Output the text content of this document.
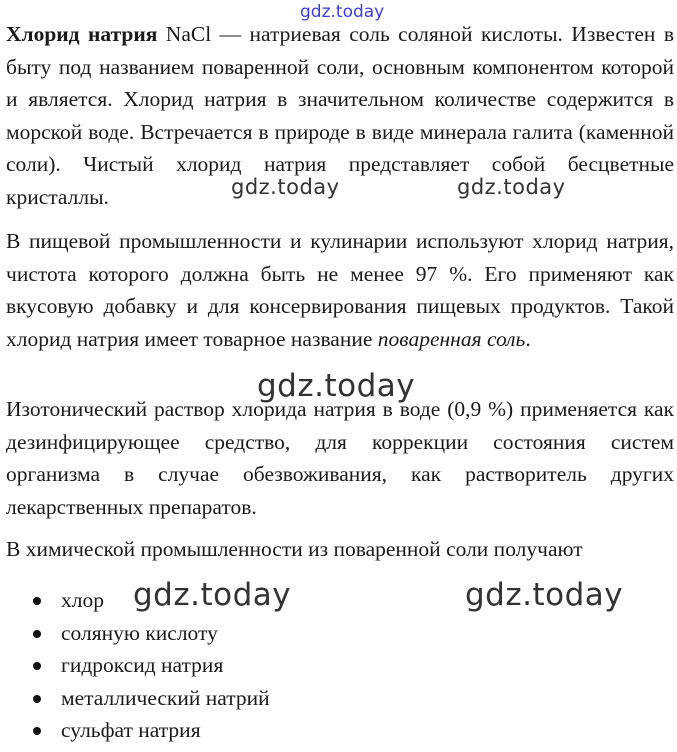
Хлорид натрия NaCl — натриевая соль соляной кислоты. Известен в быту под названием поваренной соли, основным компонентом которой и является. Хлорид натрия в значительном количестве содержится в морской воде. Встречается в природе в виде минерала галита (каменной соли). Чистый хлорид натрия представляет собой бесцветные кристаллы.

В пищевой промышленности и кулинарии используют хлорид натрия, чистота которого должна быть не менее 97 %. Его применяют как вкусовую добавку и для консервирования пищевых продуктов. Такой хлорид натрия имеет товарное название поваренная соль.

Изотонический раствор хлорида натрия в воде (0,9 %) применяется как дезинфицирующее средство, для коррекции состояния систем организма в случае обезвоживания, как растворитель других лекарственных препаратов.

В химической промышленности из поваренной соли получают

хлор
соляную кислоту
гидроксид натрия
металлический натрий
сульфат натрия
gdz.today
gdz.today	gdz.today
gdz.today
gdz.today	gdz.today
